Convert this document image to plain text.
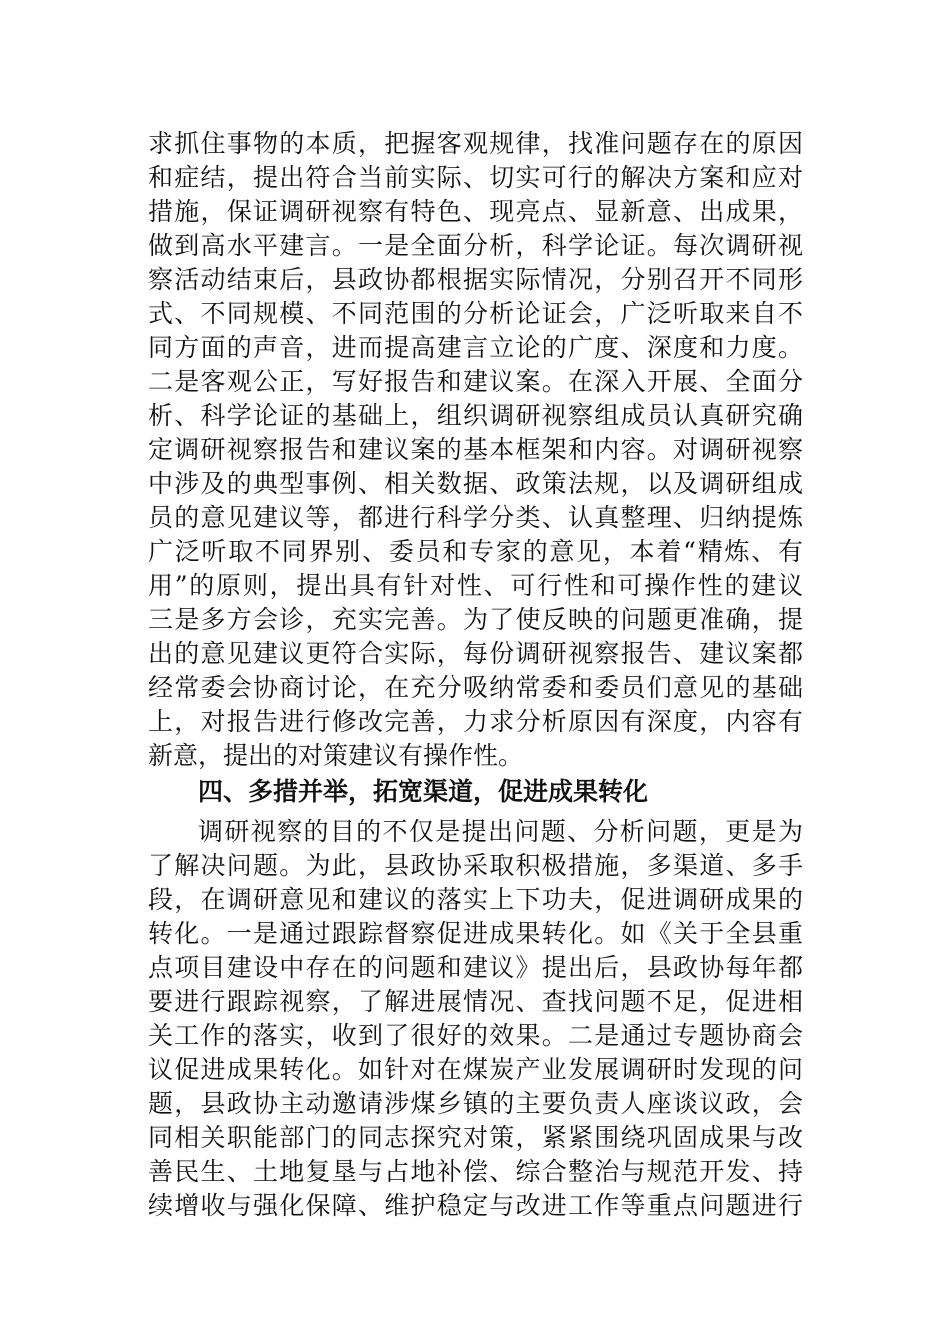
求抓住事物的本质，把握客观规律，找准问题存在的原因
和症结，提出符合当前实际、切实可行的解决方案和应对
措施，保证调研视察有特色、现亮点、显新意、出成果，
做到高水平建言。一是全面分析，科学论证。每次调研视
察活动结束后，县政协都根据实际情况，分别召开不同形
式、不同规模、不同范围的分析论证会，广泛听取来自不
同方面的声音，进而提高建言立论的广度、深度和力度。
二是客观公正，写好报告和建议案。在深入开展、全面分
析、科学论证的基础上，组织调研视察组成员认真研究确
定调研视察报告和建议案的基本框架和内容。对调研视察
中涉及的典型事例、相关数据、政策法规，以及调研组成
员的意见建议等，都进行科学分类、认真整理、归纳提炼
广泛听取不同界别、委员和专家的意见，本着“精炼、有
用”的原则，提出具有针对性、可行性和可操作性的建议
三是多方会诊，充实完善。为了使反映的问题更准确，提
出的意见建议更符合实际，每份调研视察报告、建议案都
经常委会协商讨论，在充分吸纳常委和委员们意见的基础
上，对报告进行修改完善，力求分析原因有深度，内容有
新意，提出的对策建议有操作性。
四、多措并举，拓宽渠道，促进成果转化
调研视察的目的不仅是提出问题、分析问题，更是为
了解决问题。为此，县政协采取积极措施，多渠道、多手
段，在调研意见和建议的落实上下功夫，促进调研成果的
转化。一是通过跟踪督察促进成果转化。如《关于全县重
点项目建设中存在的问题和建议》提出后，县政协每年都
要进行跟踪视察，了解进展情况、查找问题不足，促进相
关工作的落实，收到了很好的效果。二是通过专题协商会
议促进成果转化。如针对在煤炭产业发展调研时发现的问
题，县政协主动邀请涉煤乡镇的主要负责人座谈议政，会
同相关职能部门的同志探究对策，紧紧围绕巩固成果与改
善民生、土地复垦与占地补偿、综合整治与规范开发、持
续增收与强化保障、维护稳定与改进工作等重点问题进行
